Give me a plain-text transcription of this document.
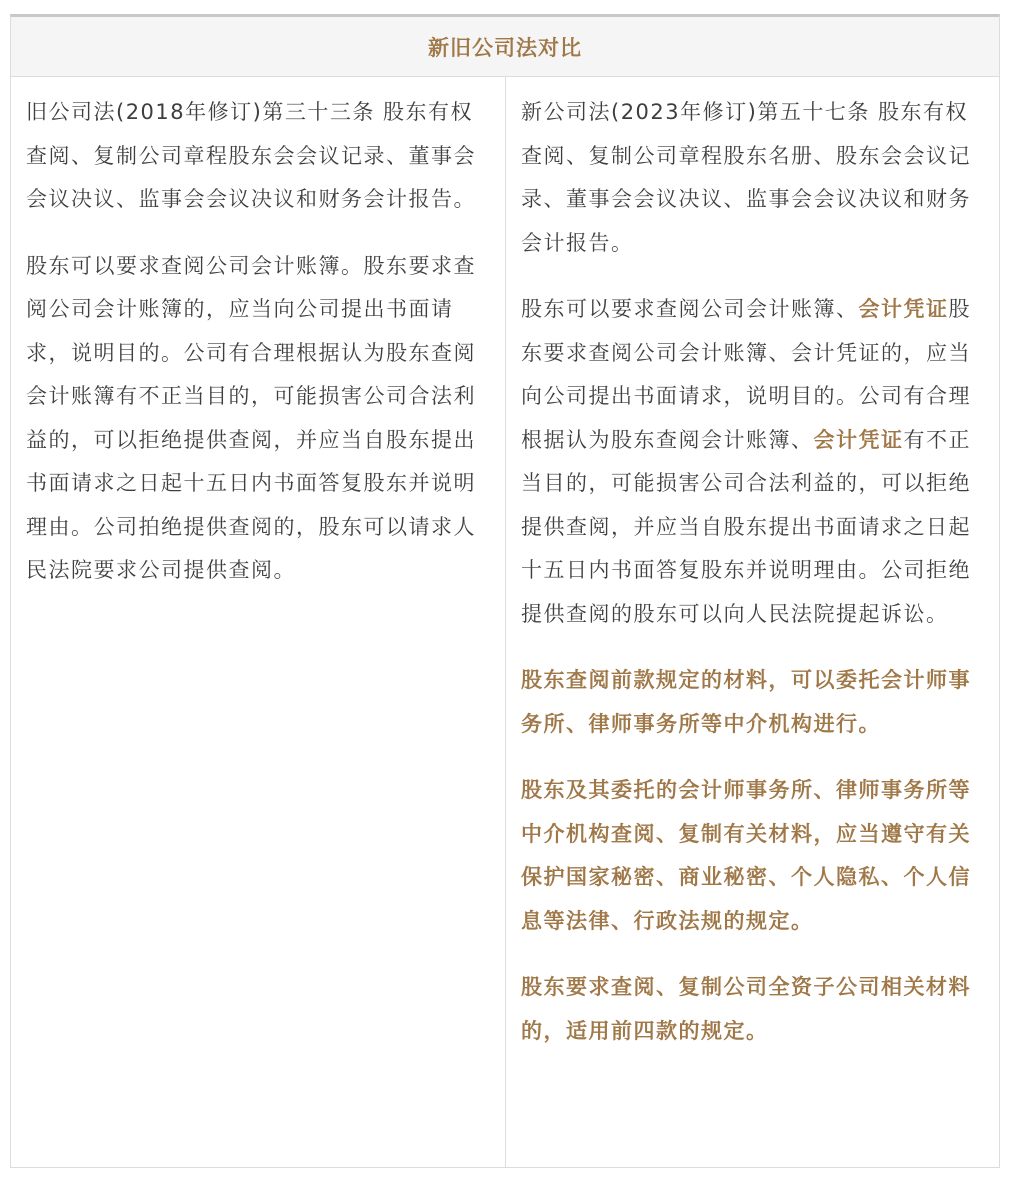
新旧公司法对比

旧公司法(2018年修订)第三十三条 股东有权查阅、复制公司章程股东会会议记录、董事会会议决议、监事会会议决议和财务会计报告。

股东可以要求查阅公司会计账簿。股东要求查阅公司会计账簿的，应当向公司提出书面请求，说明目的。公司有合理根据认为股东查阅会计账簿有不正当目的，可能损害公司合法利益的，可以拒绝提供查阅，并应当自股东提出书面请求之日起十五日内书面答复股东并说明理由。公司拍绝提供查阅的，股东可以请求人民法院要求公司提供查阅。

新公司法(2023年修订)第五十七条 股东有权查阅、复制公司章程股东名册、股东会会议记录、董事会会议决议、监事会会议决议和财务会计报告。

股东可以要求查阅公司会计账簿、会计凭证股东要求查阅公司会计账簿、会计凭证的，应当向公司提出书面请求，说明目的。公司有合理根据认为股东查阅会计账簿、会计凭证有不正当目的，可能损害公司合法利益的，可以拒绝提供查阅，并应当自股东提出书面请求之日起十五日内书面答复股东并说明理由。公司拒绝提供查阅的股东可以向人民法院提起诉讼。

股东查阅前款规定的材料，可以委托会计师事务所、律师事务所等中介机构进行。

股东及其委托的会计师事务所、律师事务所等中介机构查阅、复制有关材料，应当遵守有关保护国家秘密、商业秘密、个人隐私、个人信息等法律、行政法规的规定。

股东要求查阅、复制公司全资子公司相关材料的，适用前四款的规定。
